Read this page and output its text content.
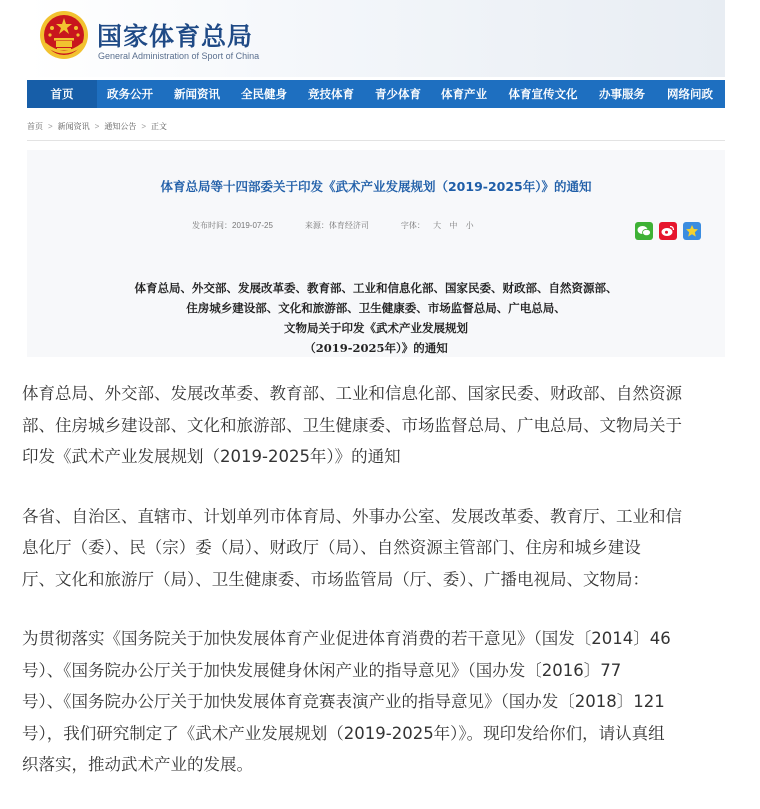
国家体育总局
General Administration of Sport of China
首页	政务公开	新闻资讯	全民健身	竞技体育	青少体育	体育产业	体育宣传文化	办事服务	网络问政
首页 > 新闻资讯 > 通知公告 > 正文
体育总局等十四部委关于印发《武术产业发展规划（2019-2025年）》的通知
发布时间：2019-07-25	来源：体育经济司	字体： 大 中 小
体育总局、外交部、发展改革委、教育部、工业和信息化部、国家民委、财政部、自然资源部、
住房城乡建设部、文化和旅游部、卫生健康委、市场监督总局、广电总局、
文物局关于印发《武术产业发展规划
（2019-2025年）》的通知
体育总局、外交部、发展改革委、教育部、工业和信息化部、国家民委、财政部、自然资源
部、住房城乡建设部、文化和旅游部、卫生健康委、市场监督总局、广电总局、文物局关于
印发《武术产业发展规划（2019-2025年）》的通知
各省、自治区、直辖市、计划单列市体育局、外事办公室、发展改革委、教育厅、工业和信
息化厅（委）、民（宗）委（局）、财政厅（局）、自然资源主管部门、住房和城乡建设
厅、文化和旅游厅（局）、卫生健康委、市场监管局（厅、委）、广播电视局、文物局：
为贯彻落实《国务院关于加快发展体育产业促进体育消费的若干意见》（国发〔2014〕46
号）、《国务院办公厅关于加快发展健身休闲产业的指导意见》（国办发〔2016〕77
号）、《国务院办公厅关于加快发展体育竞赛表演产业的指导意见》（国办发〔2018〕121
号），我们研究制定了《武术产业发展规划（2019-2025年）》。现印发给你们，请认真组
织落实，推动武术产业的发展。
